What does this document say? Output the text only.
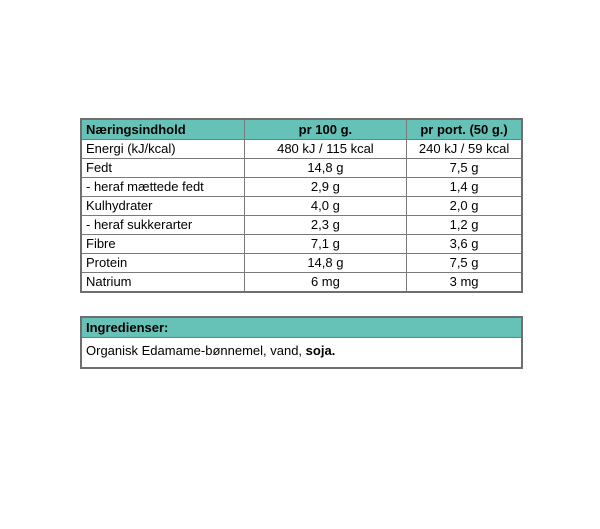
Næringsindhold	pr 100 g.	pr port. (50 g.)
Energi (kJ/kcal)	480 kJ / 115 kcal	240 kJ / 59 kcal
Fedt	14,8 g	7,5 g
- heraf mættede fedt	2,9 g	1,4 g
Kulhydrater	4,0 g	2,0 g
- heraf sukkerarter	2,3 g	1,2 g
Fibre	7,1 g	3,6 g
Protein	14,8 g	7,5 g
Natrium	6 mg	3 mg
Ingredienser:
Organisk Edamame-bønnemel, vand, soja.
